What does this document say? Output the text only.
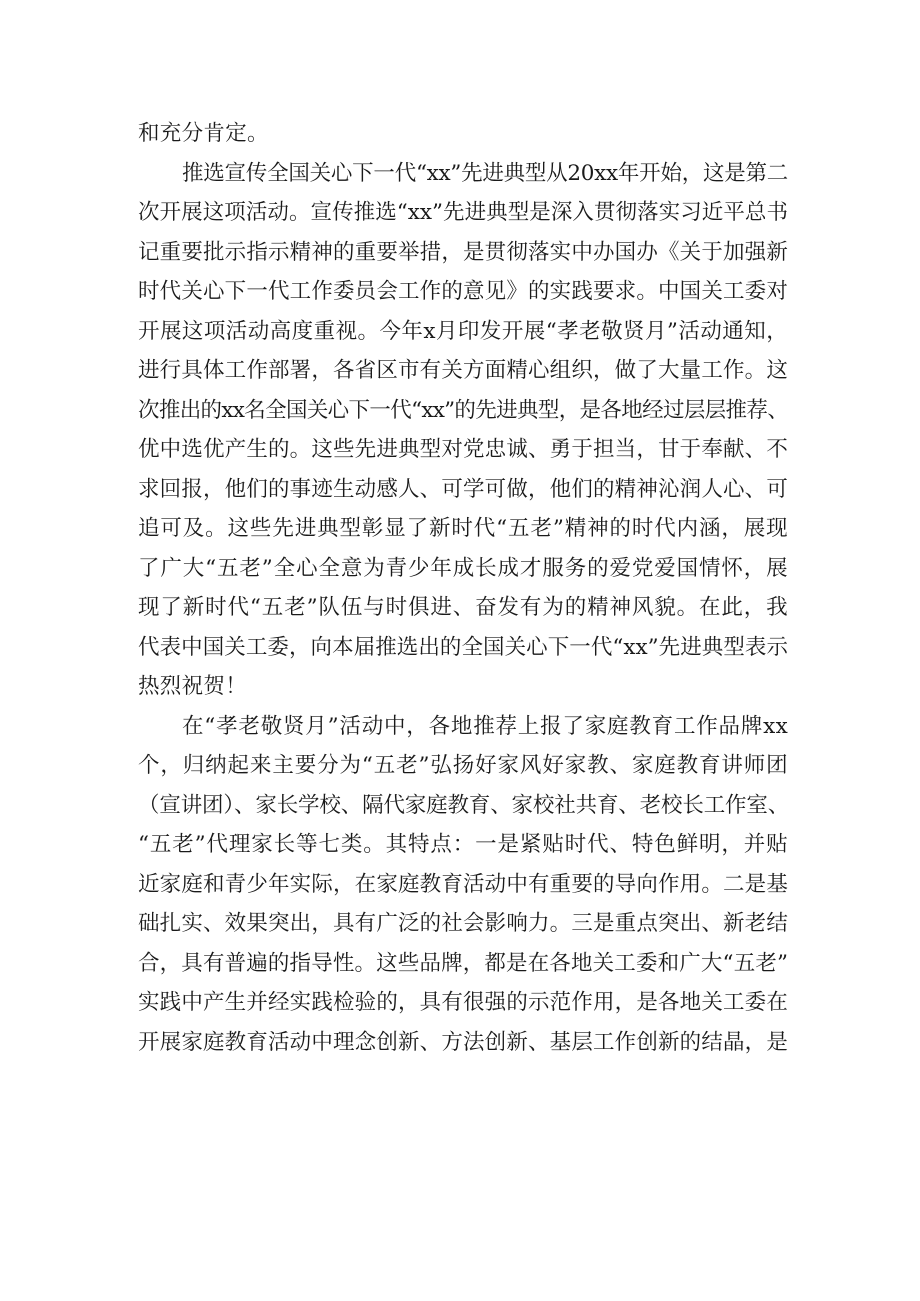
和充分肯定。
推选宣传全国关心下一代“xx”先进典型从20xx年开始，这是第二
次开展这项活动。宣传推选“xx”先进典型是深入贯彻落实习近平总书
记重要批示指示精神的重要举措，是贯彻落实中办国办《关于加强新
时代关心下一代工作委员会工作的意见》的实践要求。中国关工委对
开展这项活动高度重视。今年x月印发开展“孝老敬贤月”活动通知，
进行具体工作部署，各省区市有关方面精心组织，做了大量工作。这
次推出的xx名全国关心下一代“xx”的先进典型，是各地经过层层推荐、
优中选优产生的。这些先进典型对党忠诚、勇于担当，甘于奉献、不
求回报，他们的事迹生动感人、可学可做，他们的精神沁润人心、可
追可及。这些先进典型彰显了新时代“五老”精神的时代内涵，展现
了广大“五老”全心全意为青少年成长成才服务的爱党爱国情怀，展
现了新时代“五老”队伍与时俱进、奋发有为的精神风貌。在此，我
代表中国关工委，向本届推选出的全国关心下一代“xx”先进典型表示
热烈祝贺！
在“孝老敬贤月”活动中，各地推荐上报了家庭教育工作品牌xx
个，归纳起来主要分为“五老”弘扬好家风好家教、家庭教育讲师团
（宣讲团）、家长学校、隔代家庭教育、家校社共育、老校长工作室、
“五老”代理家长等七类。其特点：一是紧贴时代、特色鲜明，并贴
近家庭和青少年实际，在家庭教育活动中有重要的导向作用。二是基
础扎实、效果突出，具有广泛的社会影响力。三是重点突出、新老结
合，具有普遍的指导性。这些品牌，都是在各地关工委和广大“五老”
实践中产生并经实践检验的，具有很强的示范作用，是各地关工委在
开展家庭教育活动中理念创新、方法创新、基层工作创新的结晶，是
